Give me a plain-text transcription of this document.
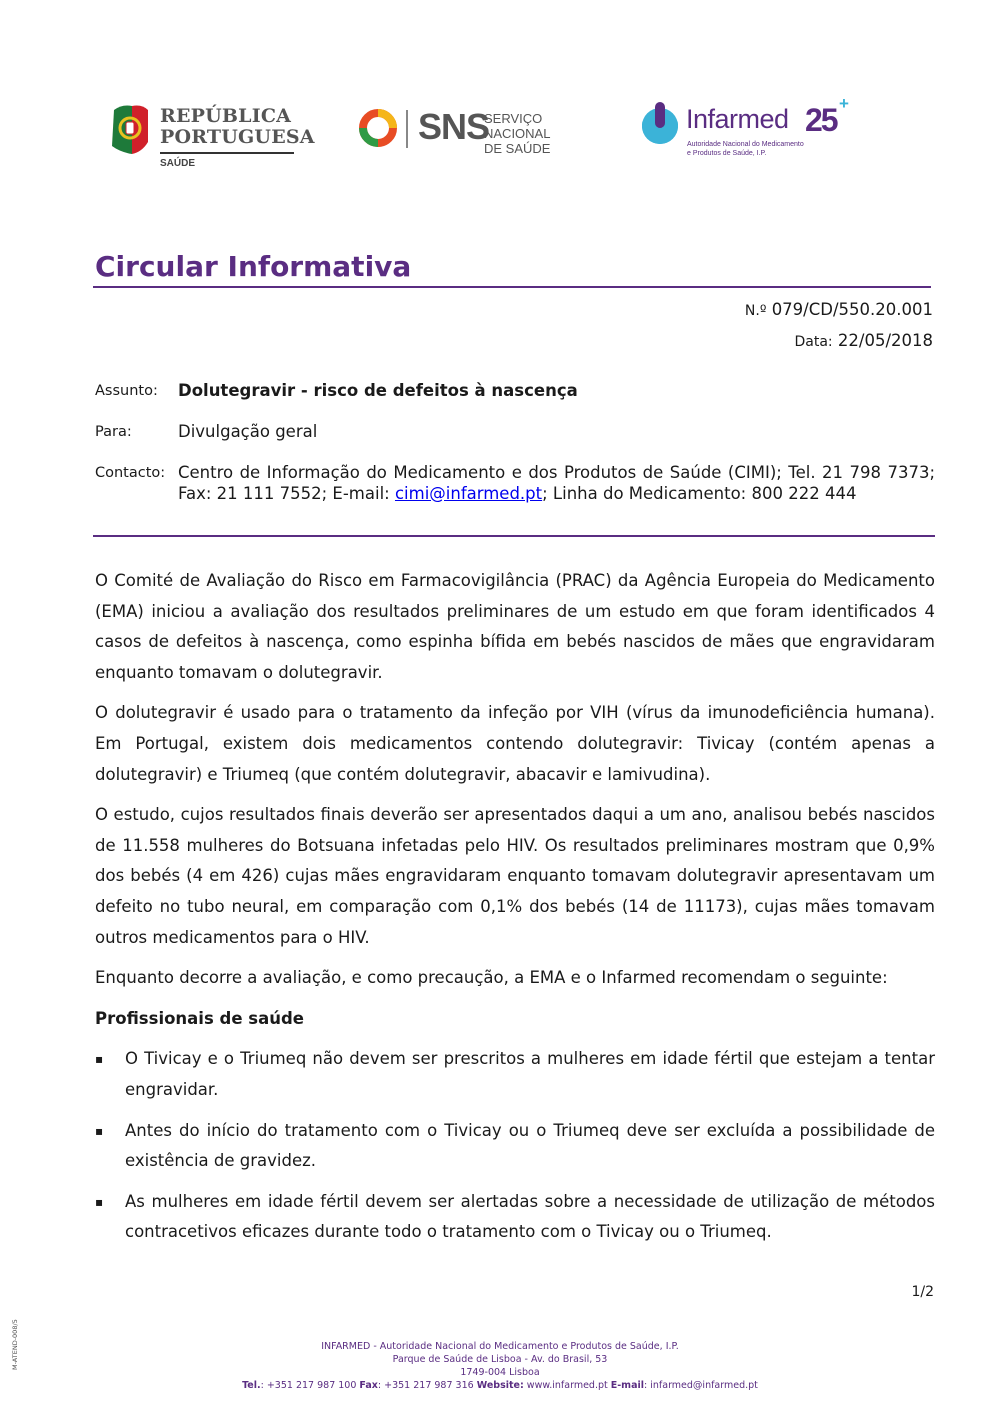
REPÚBLICA
PORTUGUESA
SAÚDE
SNS
SERVIÇO NACIONAL
DE SAÚDE
Infarmed 25 +
Autoridade Nacional do Medicamento
e Produtos de Saúde, I.P.
Circular Informativa
N.º 079/CD/550.20.001
Data: 22/05/2018
Assunto: Dolutegravir - risco de defeitos à nascença
Para:	Divulgação geral
Contacto: Centro de Informação do Medicamento e dos Produtos de Saúde (CIMI); Tel. 21 798 7373; Fax: 21 111 7552; E-mail: cimi@infarmed.pt; Linha do Medicamento: 800 222 444

O Comité de Avaliação do Risco em Farmacovigilância (PRAC) da Agência Europeia do Medicamento (EMA) iniciou a avaliação dos resultados preliminares de um estudo em que foram identificados 4 casos de defeitos à nascença, como espinha bífida em bebés nascidos de mães que engravidaram enquanto tomavam o dolutegravir.

O dolutegravir é usado para o tratamento da infeção por VIH (vírus da imunodeficiência humana). Em Portugal, existem dois medicamentos contendo dolutegravir: Tivicay (contém apenas a dolutegravir) e Triumeq (que contém dolutegravir, abacavir e lamivudina).

O estudo, cujos resultados finais deverão ser apresentados daqui a um ano, analisou bebés nascidos de 11.558 mulheres do Botsuana infetadas pelo HIV. Os resultados preliminares mostram que 0,9% dos bebés (4 em 426) cujas mães engravidaram enquanto tomavam dolutegravir apresentavam um defeito no tubo neural, em comparação com 0,1% dos bebés (14 de 11173), cujas mães tomavam outros medicamentos para o HIV.

Enquanto decorre a avaliação, e como precaução, a EMA e o Infarmed recomendam o seguinte:

Profissionais de saúde
▪ O Tivicay e o Triumeq não devem ser prescritos a mulheres em idade fértil que estejam a tentar engravidar.
▪ Antes do início do tratamento com o Tivicay ou o Triumeq deve ser excluída a possibilidade de existência de gravidez.
▪ As mulheres em idade fértil devem ser alertadas sobre a necessidade de utilização de métodos contracetivos eficazes durante todo o tratamento com o Tivicay ou o Triumeq.
1/2
M-ATEND-008/5	INFARMED - Autoridade Nacional do Medicamento e Produtos de Saúde, I.P.
Parque de Saúde de Lisboa - Av. do Brasil, 53
1749-004 Lisboa
Tel.: +351 217 987 100 Fax: +351 217 987 316 Website: www.infarmed.pt E-mail: infarmed@infarmed.pt
